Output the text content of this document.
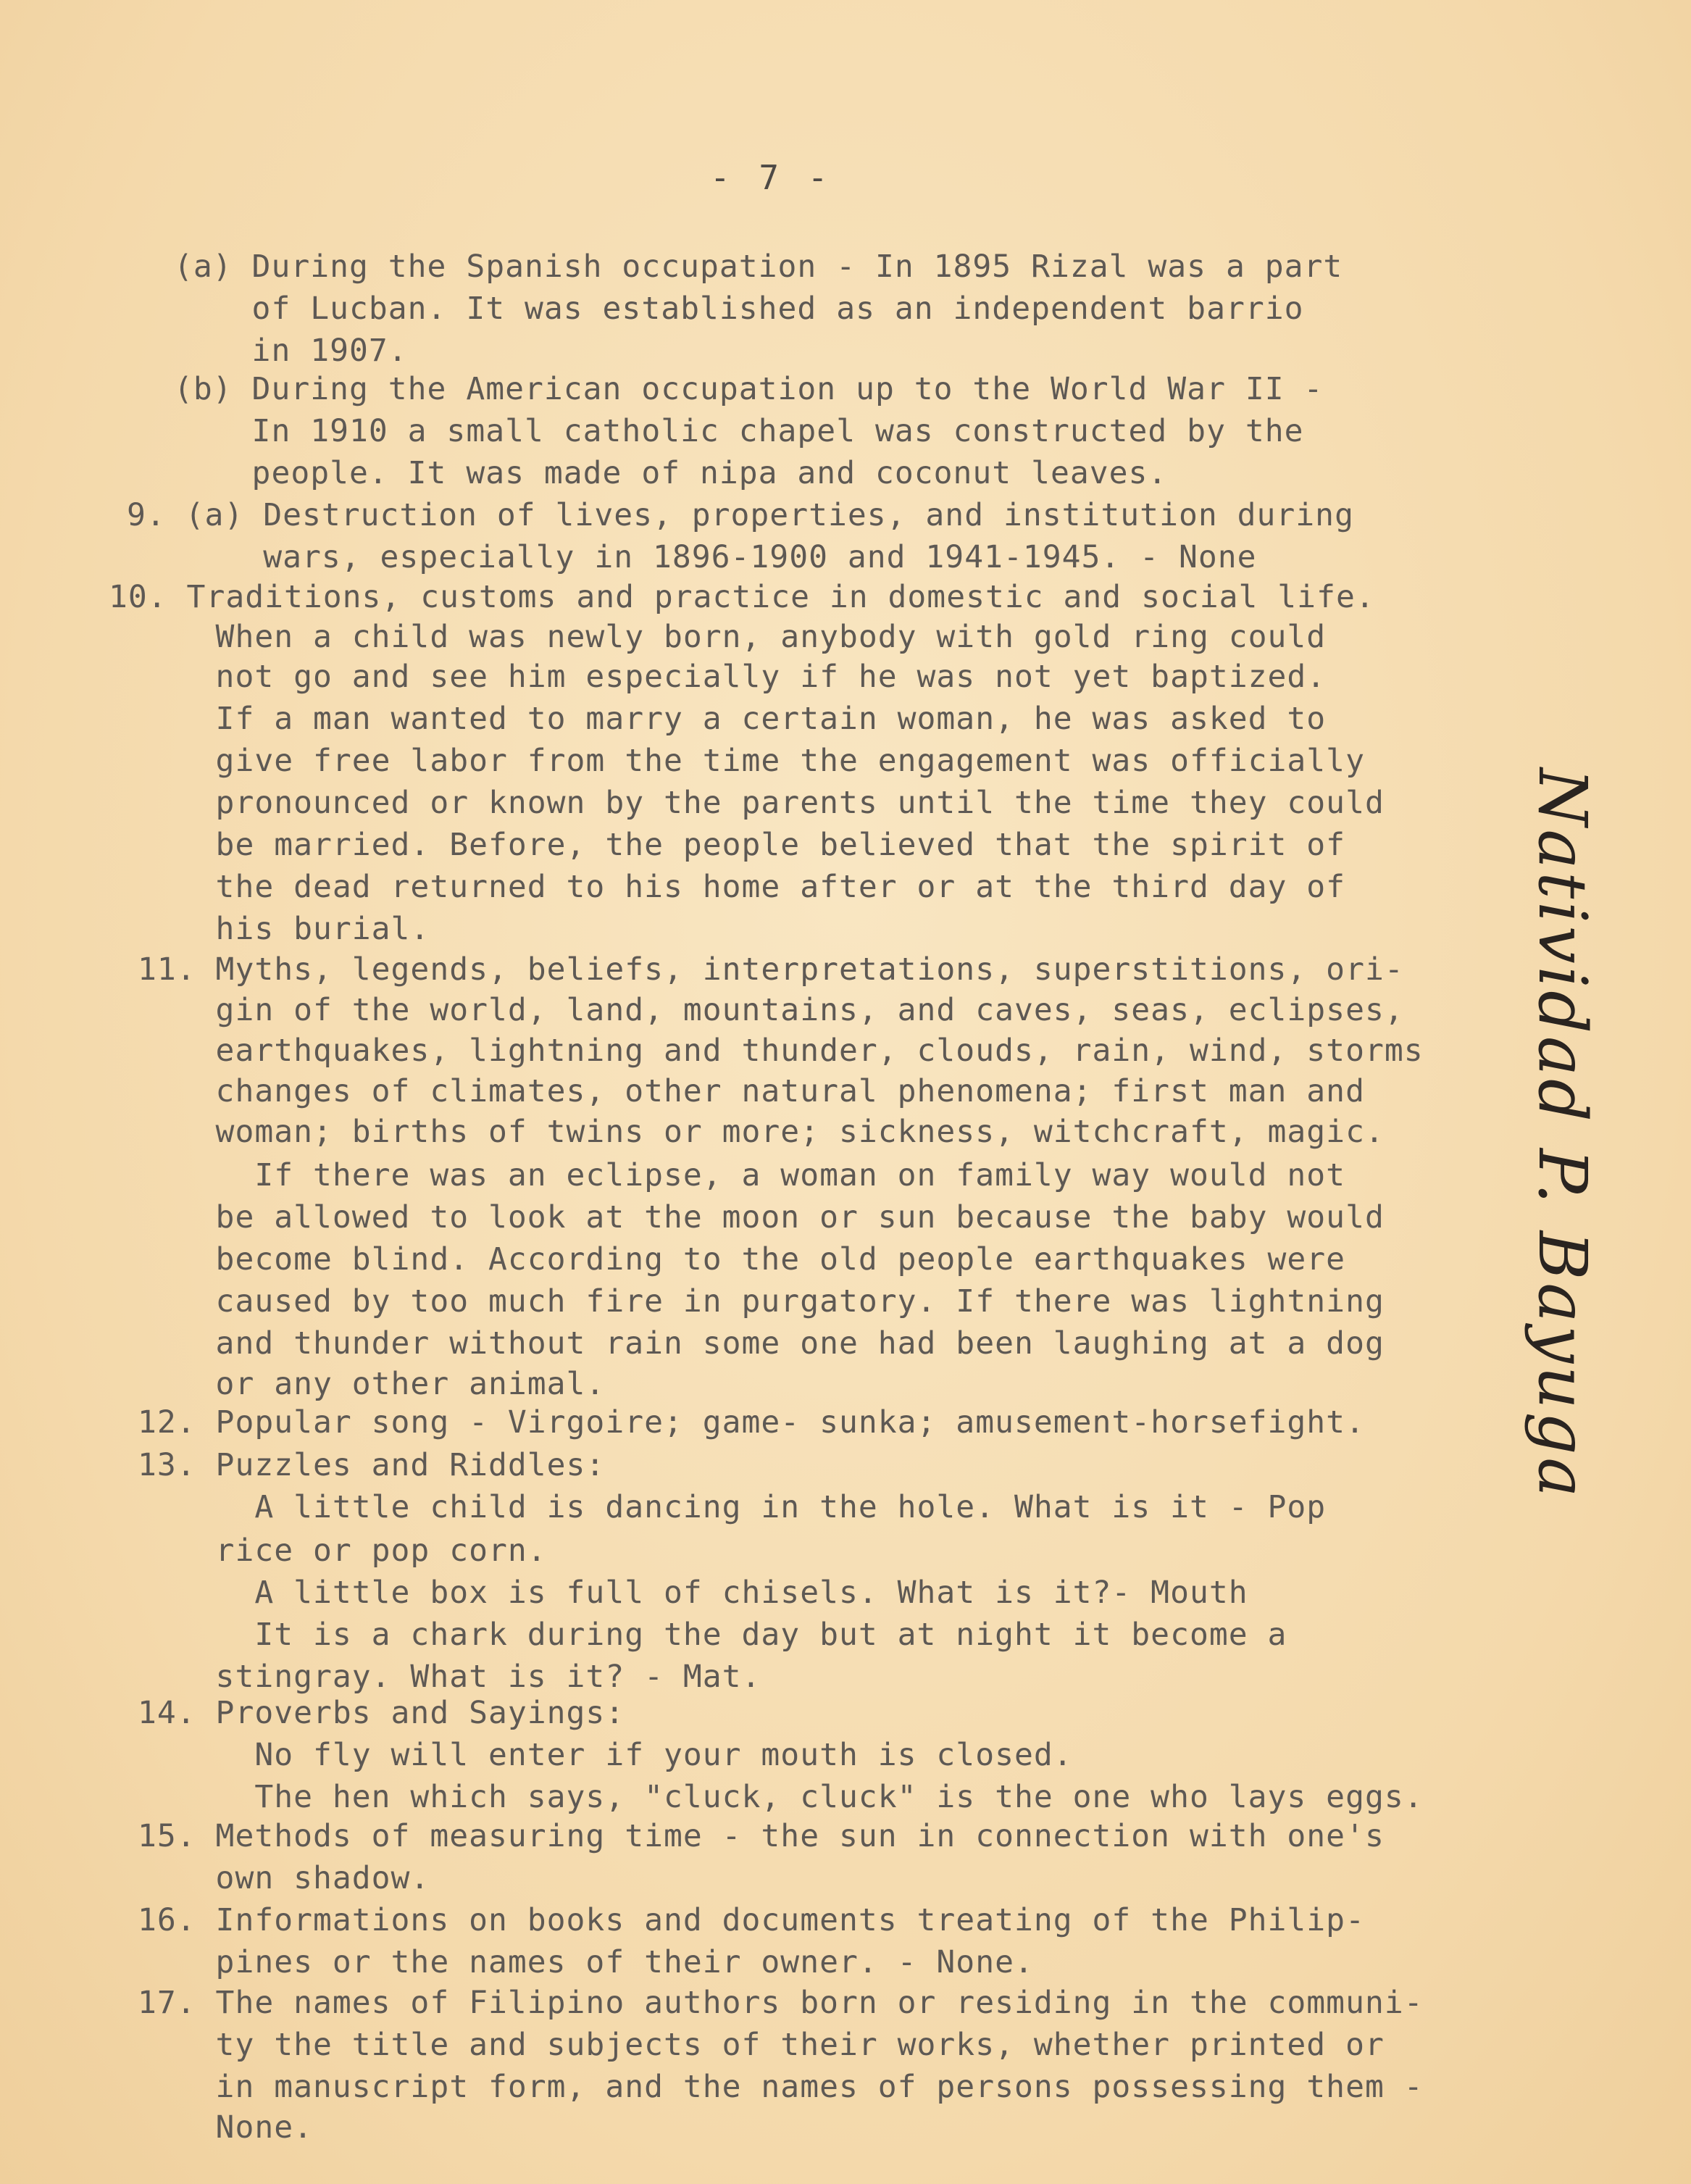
- 7 -
(a) During the Spanish occupation - In 1895 Rizal was a part
of Lucban. It was established as an independent barrio
in 1907.
(b) During the American occupation up to the World War II -
In 1910 a small catholic chapel was constructed by the
people. It was made of nipa and coconut leaves.
9. (a) Destruction of lives, properties, and institution during
wars, especially in 1896-1900 and 1941-1945. - None
10. Traditions, customs and practice in domestic and social life.
When a child was newly born, anybody with gold ring could
not go and see him especially if he was not yet baptized.
If a man wanted to marry a certain woman, he was asked to
give free labor from the time the engagement was officially
pronounced or known by the parents until the time they could
be married. Before, the people believed that the spirit of
the dead returned to his home after or at the third day of
his burial.
11. Myths, legends, beliefs, interpretations, superstitions, ori-
gin of the world, land, mountains, and caves, seas, eclipses,
earthquakes, lightning and thunder, clouds, rain, wind, storms
changes of climates, other natural phenomena; first man and
woman; births of twins or more; sickness, witchcraft, magic.
If there was an eclipse, a woman on family way would not
be allowed to look at the moon or sun because the baby would
become blind. According to the old people earthquakes were
caused by too much fire in purgatory. If there was lightning
and thunder without rain some one had been laughing at a dog
or any other animal.
12. Popular song - Virgoire; game- sunka; amusement-horsefight.
13. Puzzles and Riddles:
A little child is dancing in the hole. What is it - Pop
rice or pop corn.
A little box is full of chisels. What is it?- Mouth
It is a chark during the day but at night it become a
stingray. What is it? - Mat.
14. Proverbs and Sayings:
No fly will enter if your mouth is closed.
The hen which says, "cluck, cluck" is the one who lays eggs.
15. Methods of measuring time - the sun in connection with one's
own shadow.
16. Informations on books and documents treating of the Philip-
pines or the names of their owner. - None.
17. The names of Filipino authors born or residing in the communi-
ty the title and subjects of their works, whether printed or
in manuscript form, and the names of persons possessing them -
None.
Natividad P. Bayuga
